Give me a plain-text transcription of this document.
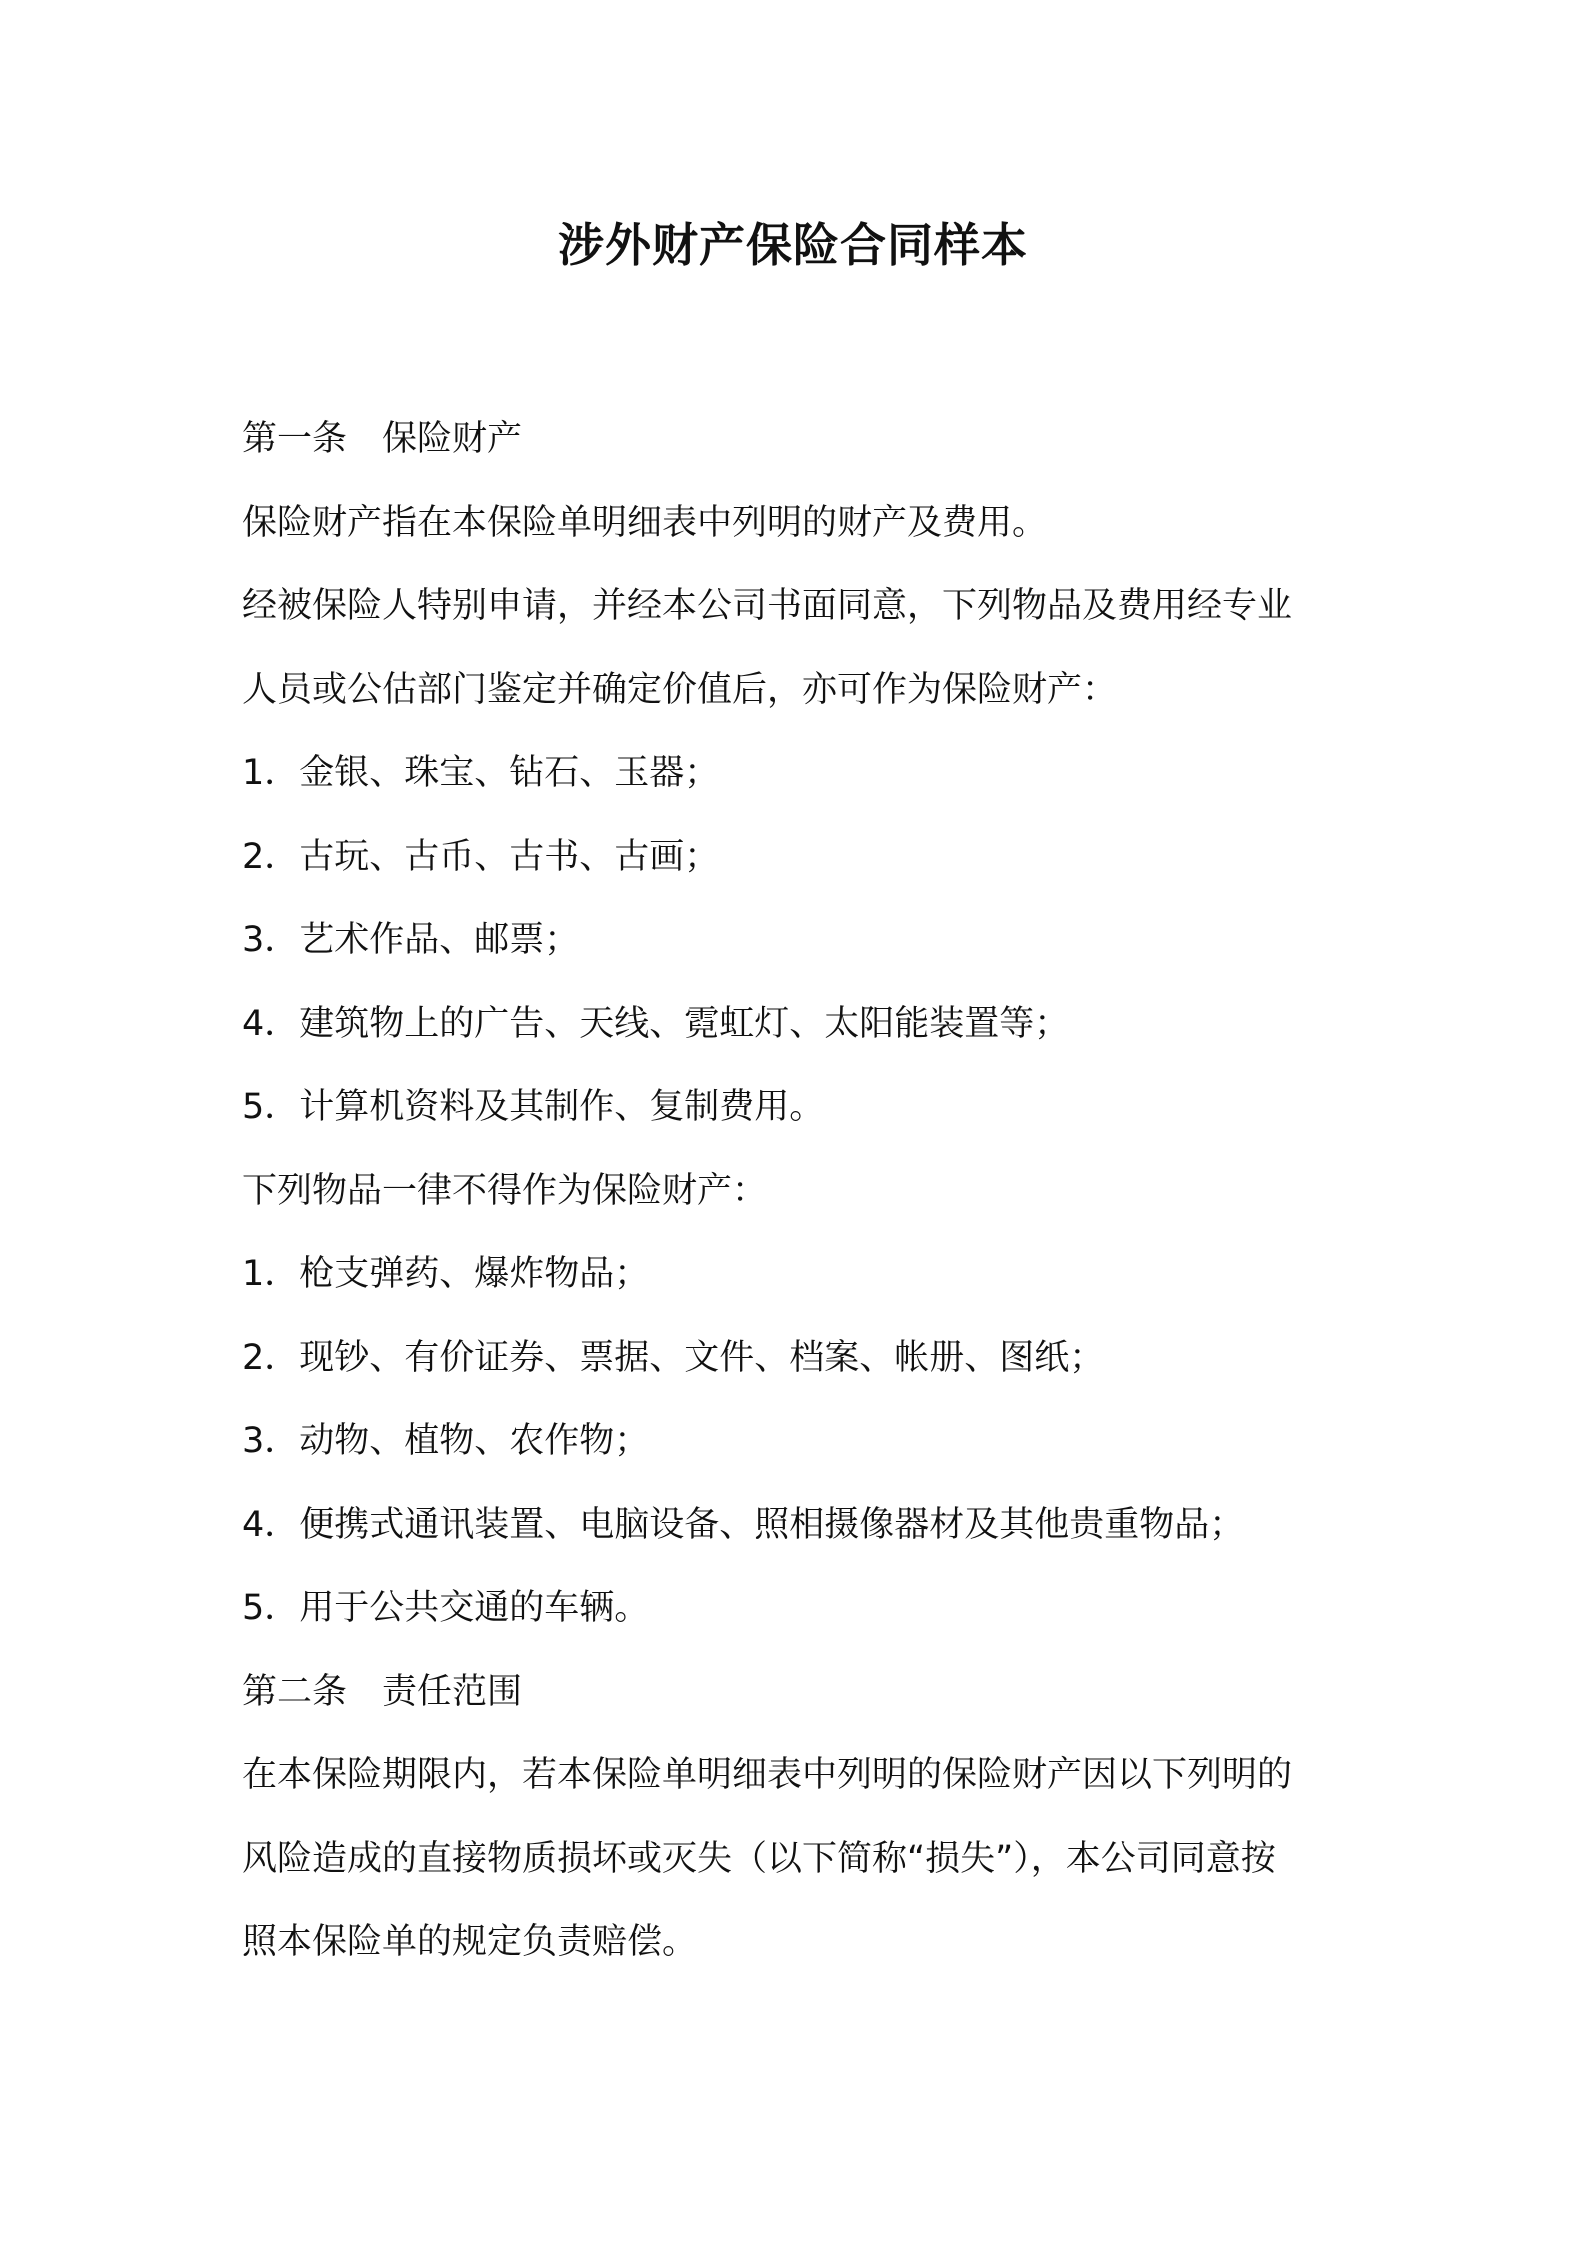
涉外财产保险合同样本
第一条　保险财产
保险财产指在本保险单明细表中列明的财产及费用。
经被保险人特别申请，并经本公司书面同意，下列物品及费用经专业
人员或公估部门鉴定并确定价值后，亦可作为保险财产：
1．金银、珠宝、钻石、玉器；
2．古玩、古币、古书、古画；
3．艺术作品、邮票；
4．建筑物上的广告、天线、霓虹灯、太阳能装置等；
5．计算机资料及其制作、复制费用。
下列物品一律不得作为保险财产：
1．枪支弹药、爆炸物品；
2．现钞、有价证券、票据、文件、档案、帐册、图纸；
3．动物、植物、农作物；
4．便携式通讯装置、电脑设备、照相摄像器材及其他贵重物品；
5．用于公共交通的车辆。
第二条　责任范围
在本保险期限内，若本保险单明细表中列明的保险财产因以下列明的
风险造成的直接物质损坏或灭失（以下简称“损失”），本公司同意按
照本保险单的规定负责赔偿。
